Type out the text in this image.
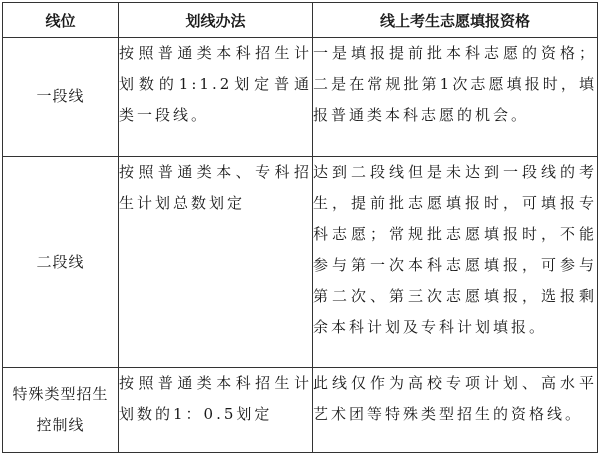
线位	划线办法	线上考生志愿填报资格
一段线	按照普通类本科招生计划数的1:1.2划定普通类一段线。	一是填报提前批本科志愿的资格；二是在常规批第1次志愿填报时，填报普通类本科志愿的机会。
二段线	按照普通类本、专科招生计划总数划定	达到二段线但是未达到一段线的考生，提前批志愿填报时，可填报专科志愿；常规批志愿填报时，不能参与第一次本科志愿填报，可参与第二次、第三次志愿填报，选报剩余本科计划及专科计划填报。
特殊类型招生控制线	按照普通类本科招生计划数的1：0.5划定	此线仅作为高校专项计划、高水平艺术团等特殊类型招生的资格线。
